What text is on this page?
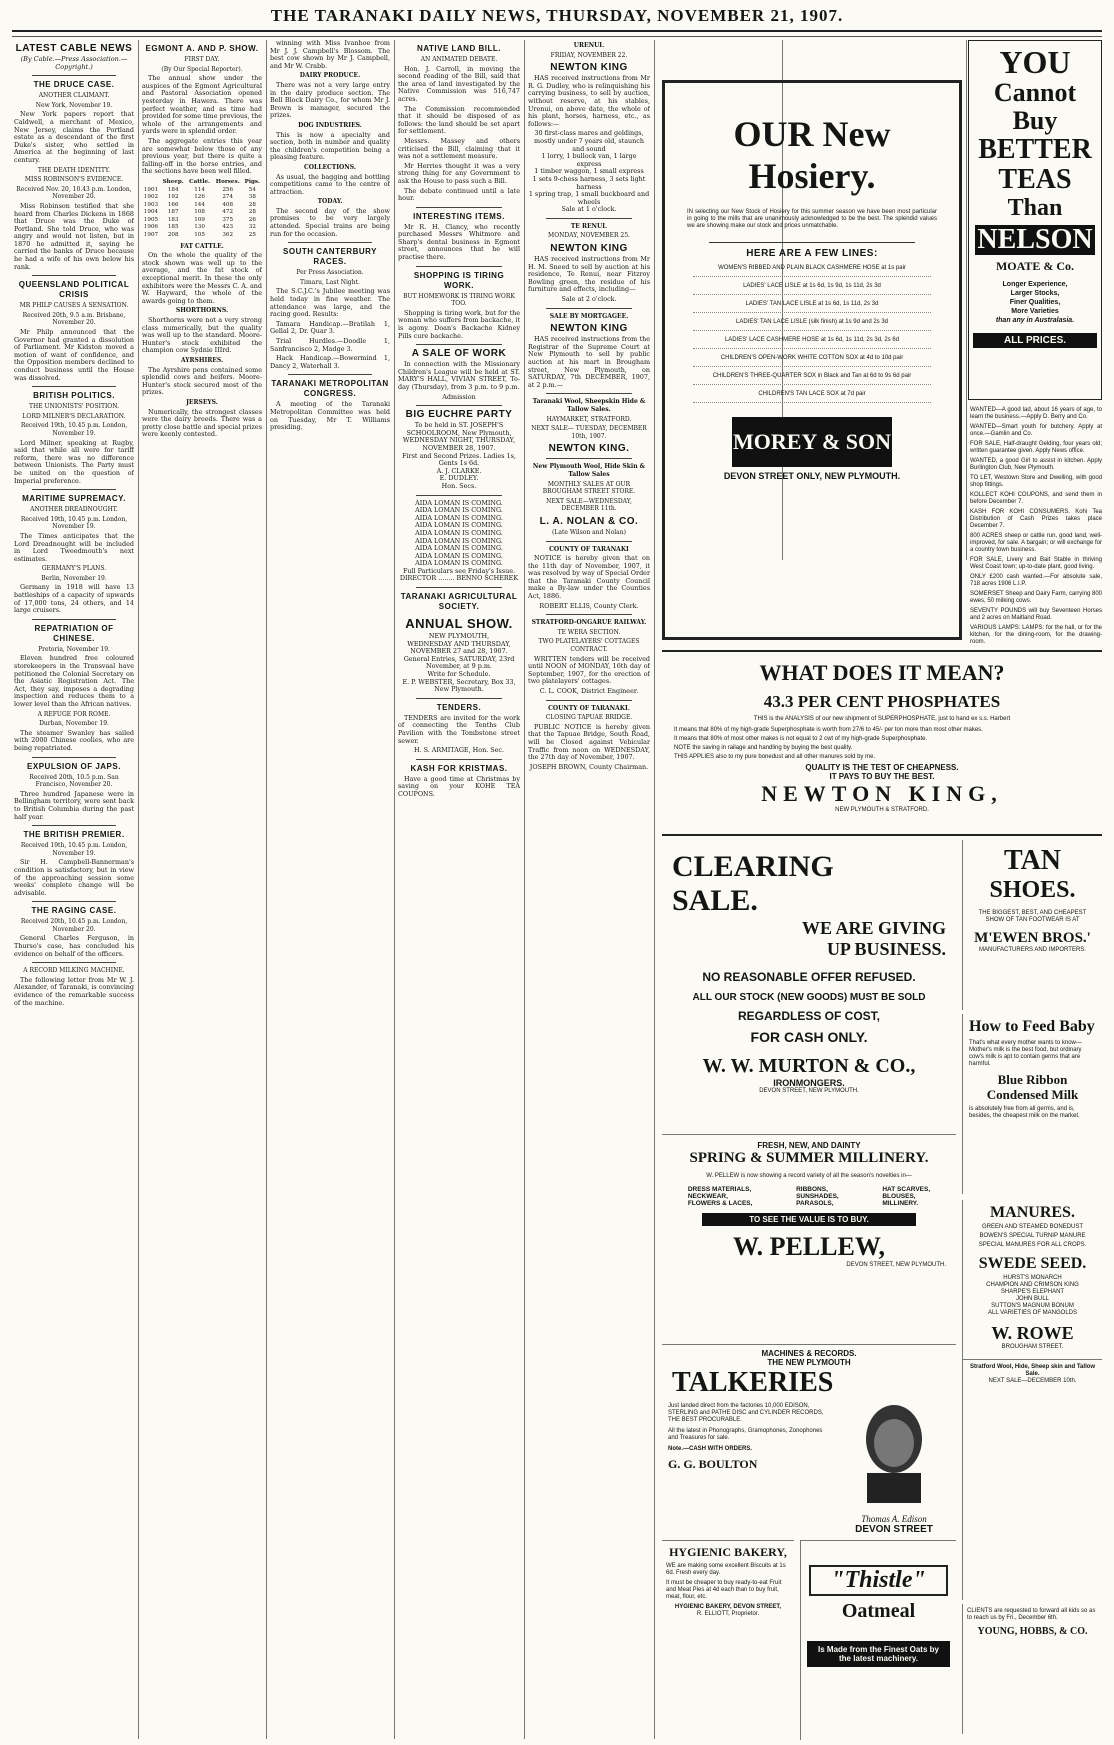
THE TARANAKI DAILY NEWS, THURSDAY, NOVEMBER 21, 1907.
LATEST CABLE NEWS
(By Cable.—Press Association.—Copyright.)
THE DRUCE CASE.
ANOTHER CLAIMANT.
New York, November 19.

New York papers report that Caldwell, a merchant of Mexico, New Jersey, claims the Portland estate as a descendant of the first Duke's sister, who settled in America at the beginning of last century.

THE DEATH IDENTITY.
MISS ROBINSON'S EVIDENCE.
Received Nov. 20, 10.43 p.m. London, November 20.

Miss Robinson testified that she heard from Charles Dickens in 1868 that Druce was the Duke of Portland. She told Druce, who was angry and would not listen, but in 1870 he admitted it, saying he carried the banks of Druce because he had a wife of his own below his rank.

QUEENSLAND POLITICAL CRISIS
MR PHILP CAUSES A SENSATION.
Received 20th, 9.5 a.m. Brisbane, November 20.

Mr Philp announced that the Governor had granted a dissolution of Parliament. Mr Kidston moved a motion of want of confidence, and the Opposition members declined to conduct business until the House was dissolved.

BRITISH POLITICS.
THE UNIONISTS' POSITION.
LORD MILNER'S DECLARATION.
Received 19th, 10.45 p.m. London, November 19.

Lord Milner, speaking at Rugby, said that while all were for tariff reform, there was no difference between Unionists. The Party must be united on the question of Imperial preference.

MARITIME SUPREMACY.
ANOTHER DREADNOUGHT.
Received 19th, 10.45 p.m. London, November 19.

The Times anticipates that the Lord Dreadnought will be included in Lord Tweedmouth's next estimates.

GERMANY'S PLANS.
Berlin, November 19.

Germany in 1918 will have 13 battleships of a capacity of upwards of 17,000 tons, 24 others, and 14 large cruisers.

REPATRIATION OF CHINESE.
Pretoria, November 19.

Eleven hundred free coloured storekeepers in the Transvaal have petitioned the Colonial Secretary on the Asiatic Registration Act. The Act, they say, imposes a degrading inspection and reduces them to a lower level than the African natives.

A REFUGE FOR ROME.
Durban, November 19.

The steamer Swanley has sailed with 2000 Chinese coolies, who are being repatriated.

EXPULSION OF JAPS.
Received 20th, 10.5 p.m. San Francisco, November 20.

Three hundred Japanese were in Bellingham territory, were sent back to British Columbia during the past half year.

THE BRITISH PREMIER.
Received 19th, 10.45 p.m. London, November 19.

Sir H. Campbell-Bannerman's condition is satisfactory, but in view of the approaching session some weeks' complete change will be advisable.

THE RAGING CASE.
Received 20th, 10.45 p.m. London, November 20.

General Charles Ferguson, in Thurso's case, has concluded his evidence on behalf of the officers.

A RECORD MILKING MACHINE.

The following letter from Mr W. J. Alexander, of Taranaki, is convincing evidence of the remarkable success of the machine.

EGMONT A. AND P. SHOW.
FIRST DAY.
(By Our Special Reporter).

The annual show under the auspices of the Egmont Agricultural and Pastoral Association opened yesterday in Hawera. There was perfect weather, and as time had provided for some time previous, the whole of the arrangements and yards were in splendid order.

The aggregate entries this year are somewhat below those of any previous year, but there is quite a falling-off in the horse entries, and the sections have been well filled.

	Sheep.	Cattle.	Horses.	Pigs.
1901	184	114	256	54
1902	192	126	274	38
1903	166	144	408	28
1904	187	108	472	28
1905	183	109	375	26
1906	185	130	423	32
1907	208	105	362	25
FAT CATTLE.

On the whole the quality of the stock shown was well up to the average, and the fat stock of exceptional merit. In these the only exhibitors were the Messrs C. A. and W. Hayward, the whole of the awards going to them.

SHORTHORNS.

Shorthorns were not a very strong class numerically, but the quality was well up to the standard. Moore-Hunter's stock exhibited the champion cow Sydnie IIIrd.

AYRSHIRES.

The Ayrshire pens contained some splendid cows and heifers. Moore-Hunter's stock secured most of the prizes.

JERSEYS.

Numerically, the strongest classes were the dairy breeds. There was a pretty close battle and special prizes were keenly contested.

winning with Miss Ivanhoe from Mr J. J. Campbell's Blossom. The best cow shown by Mr J. Campbell, and Mr W. Crabb.

DAIRY PRODUCE.

There was not a very large entry in the dairy produce section. The Bell Block Dairy Co., for whom Mr J. Brown is manager, secured the prizes.

DOG INDUSTRIES.

This is now a specialty and section, both in number and quality the children's competition being a pleasing feature.

COLLECTIONS.

As usual, the bagging and bottling competitions came to the centre of attraction.

TODAY.

The second day of the show promises to be very largely attended. Special trains are being run for the occasion.

SOUTH CANTERBURY RACES.
Per Press Association.
Timaru, Last Night.

The S.C.J.C.'s Jubilee meeting was held today in fine weather. The attendance was large, and the racing good. Results:

Tamara Handicap.—Bratilah 1, Gellal 2, Dr. Quar 3.

Trial Hurdles.—Doodle 1, Sanfrancisco 2, Madge 3.

Hack Handicap.—Bowermind 1, Dancy 2, Waterhall 3.

TARANAKI METROPOLITAN CONGRESS.

A meeting of the Taranaki Metropolitan Committee was held on Tuesday, Mr T. Williams presiding.

NATIVE LAND BILL.
AN ANIMATED DEBATE.

Hon. J. Carroll, in moving the second reading of the Bill, said that the area of land investigated by the Native Commission was 516,747 acres.

The Commission recommended that it should be disposed of as follows: the land should be set apart for settlement.

Messrs. Massey and others criticised the Bill, claiming that it was not a settlement measure.

Mr Herries thought it was a very strong thing for any Government to ask the House to pass such a Bill.

The debate continued until a late hour.

INTERESTING ITEMS.

Mr R. H. Clancy, who recently purchased Messrs Whitmore and Sharp's dental business in Egmont street, announces that he will practise there.

SHOPPING IS TIRING WORK.
BUT HOMEWORK IS TIRING WORK TOO.

Shopping is tiring work, but for the woman who suffers from backache, it is agony. Doan's Backache Kidney Pills cure backache.

A SALE OF WORK

In connection with the Missionary Children's League will be held at ST. MARY'S HALL, VIVIAN STREET, To-day (Thursday), from 3 p.m. to 9 p.m.

Admission
BIG EUCHRE PARTY
To be held in ST. JOSEPH'S SCHOOLROOM, New Plymouth,
WEDNESDAY NIGHT, THURSDAY, NOVEMBER 28, 1907.
First and Second Prizes. Ladies 1s, Gents 1s 6d.
A. J. CLARKE.
E. DUDLEY.
Hon. Secs.
AIDA LOMAN IS COMING.
AIDA LOMAN IS COMING.
AIDA LOMAN IS COMING.
AIDA LOMAN IS COMING.
AIDA LOMAN IS COMING.
AIDA LOMAN IS COMING.
AIDA LOMAN IS COMING.
AIDA LOMAN IS COMING.
AIDA LOMAN IS COMING.
Full Particulars see Friday's Issue.
DIRECTOR ........ BENNO SCHEREK
TARANAKI AGRICULTURAL SOCIETY.
ANNUAL SHOW.
NEW PLYMOUTH,
WEDNESDAY AND THURSDAY, NOVEMBER 27 and 28, 1907.
General Entries, SATURDAY, 23rd November, at 9 p.m.
Write for Schedule.
E. P. WEBSTER, Secretary, Box 33, New Plymouth.
TENDERS.

TENDERS are invited for the work of connecting the Tenths Club Pavilion with the Tombstone street sewer.

H. S. ARMITAGE, Hon. Sec.
KASH FOR KRISTMAS.

Have a good time at Christmas by saving on your KOHE TEA COUPONS.

URENUI.
FRIDAY, NOVEMBER 22.
NEWTON KING

HAS received instructions from Mr R. G. Dudley, who is relinquishing his carrying business, to sell by auction, without reserve, at his stables, Urenui, on above date, the whole of his plant, horses, harness, etc., as follows:—

30 first-class mares and geldings, mostly under 7 years old, staunch and sound
1 lorry, 1 bullock van, 1 large express
1 timber waggon, 1 small express
1 sets 9-chess harness, 3 sets light harness
1 spring trap, 1 small buckboard and wheels
Sale at 1 o'clock.
TE RENUI.
MONDAY, NOVEMBER 25.
NEWTON KING

HAS received instructions from Mr H. M. Sneed to sell by auction at his residence, Te Renui, near Fitzroy Bowling green, the residue of his furniture and effects, including—

Sale at 2 o'clock.
SALE BY MORTGAGEE.
NEWTON KING

HAS received instructions from the Registrar of the Supreme Court at New Plymouth to sell by public auction at his mart in Brougham street, New Plymouth, on SATURDAY, 7th DECEMBER, 1907, at 2 p.m.—

Taranaki Wool, Sheepskin Hide & Tallow Sales.
HAYMARKET, STRATFORD.
NEXT SALE— TUESDAY, DECEMBER 10th, 1907.
NEWTON KING.
New Plymouth Wool, Hide Skin & Tallow Sales
MONTHLY SALES AT OUR BROUGHAM STREET STORE.
NEXT SALE—WEDNESDAY, DECEMBER 11th.
L. A. NOLAN & CO.
(Late Wilson and Nolan)
COUNTY OF TARANAKI

NOTICE is hereby given that on the 11th day of November, 1907, it was resolved by way of Special Order that the Taranaki County Council make a By-law under the Counties Act, 1886.

ROBERT ELLIS, County Clerk.
STRATFORD-ONGARUE RAILWAY.
TE WERA SECTION.
TWO PLATELAYERS' COTTAGES CONTRACT.

WRITTEN tenders will be received until NOON of MONDAY, 16th day of September, 1907, for the erection of two platelayers' cottages.

C. L. COOK, District Engineer.
COUNTY OF TARANAKI.
CLOSING TAPUAE BRIDGE.

PUBLIC NOTICE is hereby given that the Tapuae Bridge, South Road, will be Closed against Vehicular Traffic from noon on WEDNESDAY, the 27th day of November, 1907.

JOSEPH BROWN, County Chairman.
OUR New Hosiery.

IN selecting our New Stock of Hosiery for this summer season we have been most particular in going to the mills that are unanimously acknowledged to be the best. The splendid values we are showing make our stock and prices unmatchable.

HERE ARE A FEW LINES:
WOMEN'S RIBBED AND PLAIN BLACK CASHMERE HOSE at 1s pair
LADIES' LACE LISLE at 1s 6d, 1s 9d, 1s 11d, 2s 3d
LADIES' TAN LACE LISLE at 1s 6d, 1s 11d, 2s 3d
LADIES' TAN LACE LISLE (silk finish) at 1s 9d and 2s 3d
LADIES' LACE CASHMERE HOSE at 1s 6d, 1s 11d, 2s 3d, 2s 6d
CHILDREN'S OPEN-WORK WHITE COTTON SOX at 4d to 10d pair
CHILDREN'S THREE-QUARTER SOX in Black and Tan at 6d to 9s 6d pair
CHILDREN'S TAN LACE SOX at 7d pair
MOREY & SON
DEVON STREET ONLY, NEW PLYMOUTH.
YOU
Cannot
Buy
BETTER
TEAS
Than
NELSON
MOATE & Co.
Longer Experience,
Larger Stocks,
Finer Qualities,
More Varieties
than any in Australasia.
ALL PRICES.

WANTED—A good lad, about 16 years of age, to learn the business.—Apply D. Berry and Co.

WANTED—Smart youth for butchery. Apply at once.—Gamlin and Co.

FOR SALE, Half-draught Gelding, four years old; written guarantee given. Apply News office.

WANTED, a good Girl to assist in kitchen. Apply Burlington Club, New Plymouth.

TO LET, Westown Store and Dwelling, with good shop fittings.

KOLLECT KOHI COUPONS, and send them in before December 7.

KASH FOR KOHI CONSUMERS. Kohi Tea Distribution of Cash Prizes takes place December 7.

800 ACRES sheep or cattle run, good land, well-improved, for sale. A bargain; or will exchange for a country town business.

FOR SALE, Livery and Bait Stable in thriving West Coast town; up-to-date plant, good living.

ONLY £200 cash wanted.—For absolute sale, 718 acres 1906 L.I.P.

SOMERSET Sheep and Dairy Farm, carrying 800 ewes, 50 milking cows.

SEVENTY POUNDS will buy Seventeen Horses and 2 acres on Maitland Road.

VARIOUS LAMPS: LAMPS: for the hall, or for the kitchen, for the dining-room, for the drawing-room.

WHAT DOES IT MEAN?
43.3 PER CENT PHOSPHATES

THIS is the ANALYSIS of our new shipment of SUPERPHOSPHATE, just to hand ex s.s. Harbert

It means that 80% of my high-grade Superphosphate is worth from 27/6 to 45/- per ton more than most other makes.

It means that 80% of most other makes is not equal to 2 cwt of my high-grade Superphosphate.

NOTE the saving in railage and handling by buying the best quality.

THIS APPLIES also to my pure bonedust and all other manures sold by me.

QUALITY IS THE TEST OF CHEAPNESS.
IT PAYS TO BUY THE BEST.
NEWTON KING,
NEW PLYMOUTH & STRATFORD.
CLEARING
SALE.
WE ARE GIVING
UP BUSINESS.
NO REASONABLE OFFER REFUSED.
ALL OUR STOCK (NEW GOODS) MUST BE SOLD
REGARDLESS OF COST,
FOR CASH ONLY.
W. W. MURTON & CO.,
IRONMONGERS.
DEVON STREET, NEW PLYMOUTH.
TAN
SHOES.

THE BIGGEST, BEST, AND CHEAPEST SHOW OF TAN FOOTWEAR IS AT

M'EWEN BROS.'
MANUFACTURERS AND IMPORTERS.
How to Feed Baby

That's what every mother wants to know—Mother's milk is the best food, but ordinary cow's milk is apt to contain germs that are harmful.

Blue Ribbon Condensed Milk

is absolutely free from all germs, and is, besides, the cheapest milk on the market.

FRESH, NEW, AND DAINTY
SPRING & SUMMER MILLINERY.

W. PELLEW is now showing a record variety of all the season's novelties in—

DRESS MATERIALS,
NECKWEAR,
FLOWERS & LACES,
RIBBONS,
SUNSHADES,
PARASOLS,
HAT SCARVES,
BLOUSES,
MILLINERY.
TO SEE THE VALUE IS TO BUY.
W. PELLEW,
DEVON STREET, NEW PLYMOUTH.
MACHINES & RECORDS.
THE NEW PLYMOUTH
TALKERIES

Just landed direct from the factories 10,000 EDISON, STERLING and PATHE DISC and CYLINDER RECORDS, THE BEST PROCURABLE.

All the latest in Phonographs, Gramophones, Zonophones and Treasures for sale.

Note.—CASH WITH ORDERS.
G. G. BOULTON
Thomas A. Edison
DEVON STREET
MANURES.
GREEN AND STEAMED BONEDUST
BOWEN'S SPECIAL TURNIP MANURE
SPECIAL MANURES FOR ALL CROPS.
SWEDE SEED.
HURST'S MONARCH
CHAMPION AND CRIMSON KING
SHARPE'S ELEPHANT
JOHN BULL
SUTTON'S MAGNUM BONUM
ALL VARIETIES OF MANGOLDS
W. ROWE
BROUGHAM STREET.
Stratford Wool, Hide, Sheep skin and Tallow Sale.
NEXT SALE—DECEMBER 10th.
HYGIENIC BAKERY,

WE are making some excellent Biscuits at 1s 6d. Fresh every day.

It must be cheaper to buy ready-to-eat Fruit and Meat Pies at 4d each than to buy fruit, meat, flour, etc.

HYGIENIC BAKERY, DEVON STREET,
R. ELLIOTT, Proprietor.
"Thistle"
Oatmeal
Is Made from the Finest Oats by the latest machinery.

CLIENTS are requested to forward all kids so as to reach us by Fri., December 6th.

YOUNG, HOBBS, & CO.
